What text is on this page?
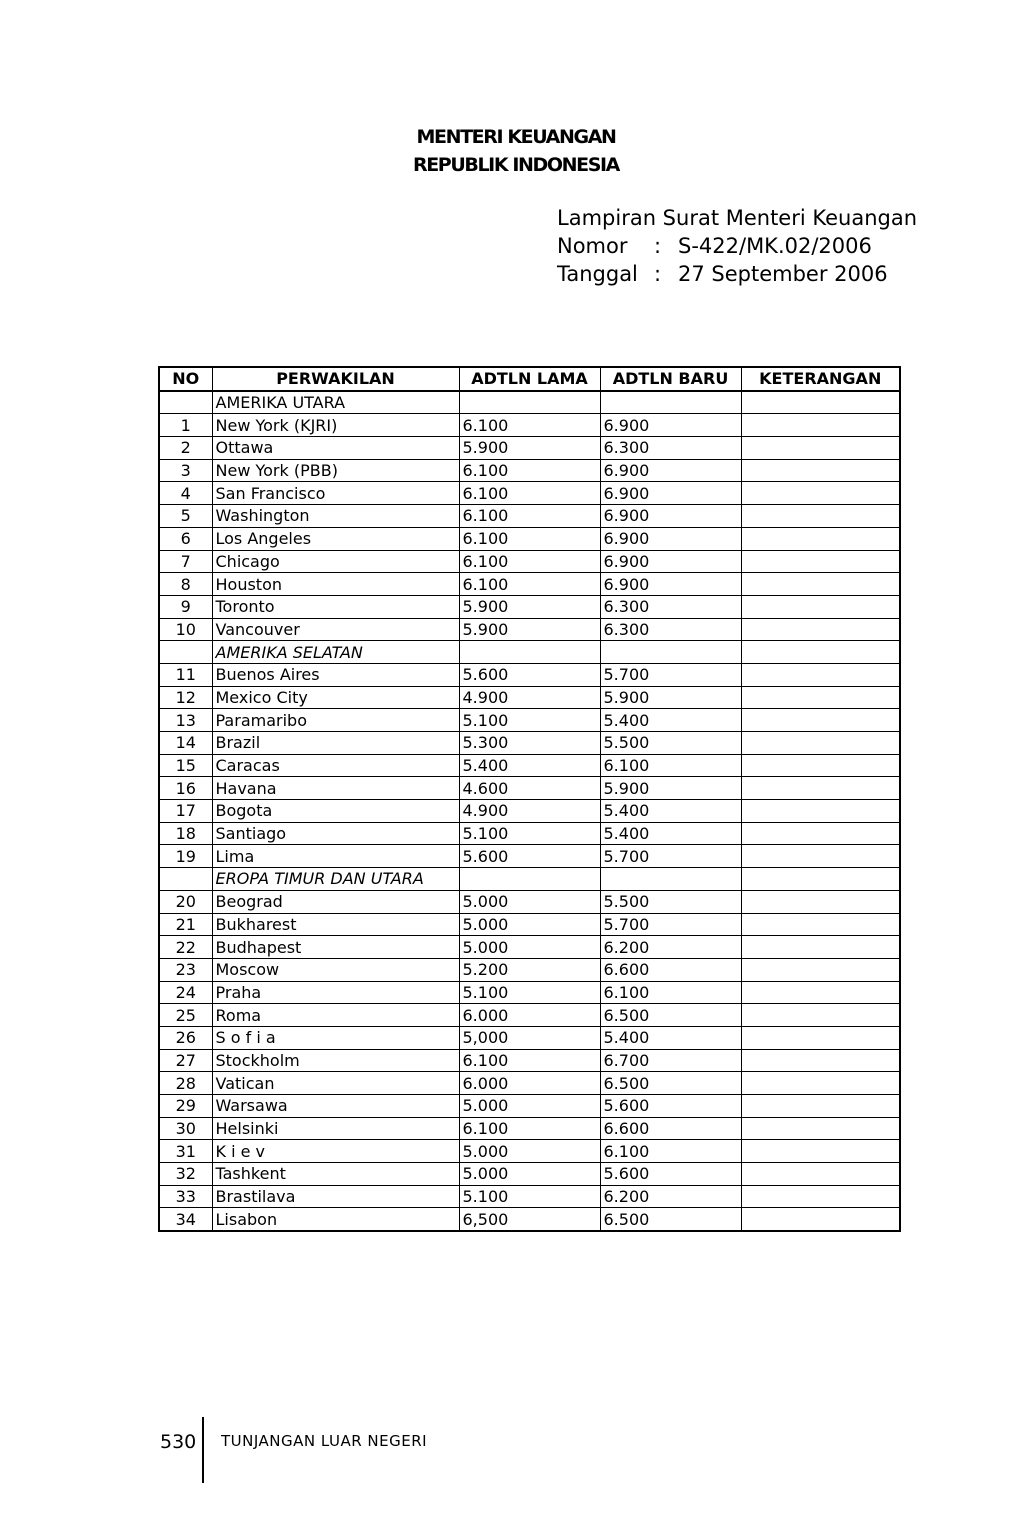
MENTERI KEUANGAN
REPUBLIK INDONESIA
Lampiran Surat Menteri Keuangan
Nomor	: S-422/MK.02/2006
Tanggal : 27 September 2006
NO	PERWAKILAN	ADTLN LAMA	ADTLN BARU	KETERANGAN
	AMERIKA UTARA			
1	New York (KJRI)	6.100	6.900	
2	Ottawa	5.900	6.300	
3	New York (PBB)	6.100	6.900	
4	San Francisco	6.100	6.900	
5	Washington	6.100	6.900	
6	Los Angeles	6.100	6.900	
7	Chicago	6.100	6.900	
8	Houston	6.100	6.900	
9	Toronto	5.900	6.300	
10	Vancouver	5.900	6.300	
	AMERIKA SELATAN			
11	Buenos Aires	5.600	5.700	
12	Mexico City	4.900	5.900	
13	Paramaribo	5.100	5.400	
14	Brazil	5.300	5.500	
15	Caracas	5.400	6.100	
16	Havana	4.600	5.900	
17	Bogota	4.900	5.400	
18	Santiago	5.100	5.400	
19	Lima	5.600	5.700	
	EROPA TIMUR DAN UTARA			
20	Beograd	5.000	5.500	
21	Bukharest	5.000	5.700	
22	Budhapest	5.000	6.200	
23	Moscow	5.200	6.600	
24	Praha	5.100	6.100	
25	Roma	6.000	6.500	
26	S o f i a	5,000	5.400	
27	Stockholm	6.100	6.700	
28	Vatican	6.000	6.500	
29	Warsawa	5.000	5.600	
30	Helsinki	6.100	6.600	
31	K i e v	5.000	6.100	
32	Tashkent	5.000	5.600	
33	Brastilava	5.100	6.200	
34	Lisabon	6,500	6.500	
530 TUNJANGAN LUAR NEGERI
